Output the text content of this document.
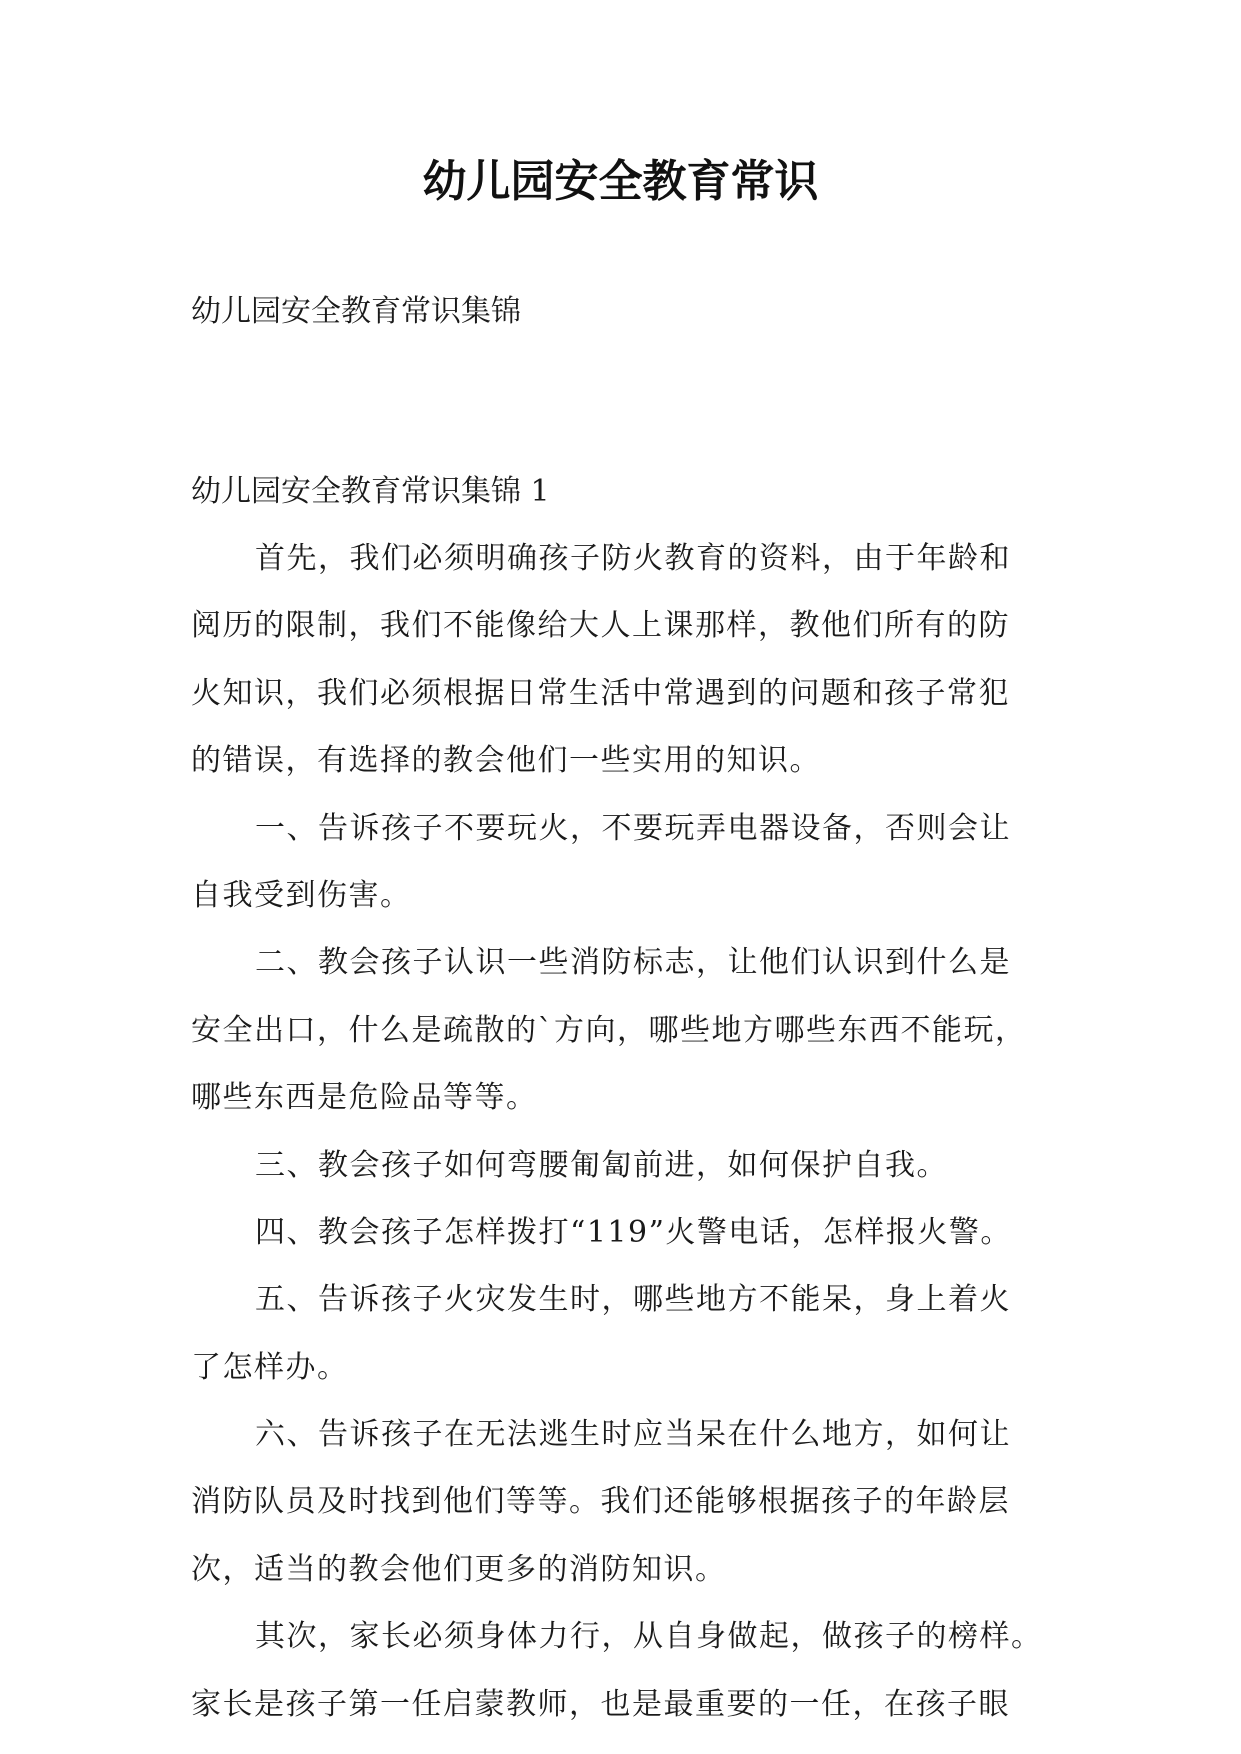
幼儿园安全教育常识
幼儿园安全教育常识集锦
幼儿园安全教育常识集锦 1
首先，我们必须明确孩子防火教育的资料，由于年龄和
阅历的限制，我们不能像给大人上课那样，教他们所有的防
火知识，我们必须根据日常生活中常遇到的问题和孩子常犯
的错误，有选择的教会他们一些实用的知识。
一、告诉孩子不要玩火，不要玩弄电器设备，否则会让
自我受到伤害。
二、教会孩子认识一些消防标志，让他们认识到什么是
安全出口，什么是疏散的`方向，哪些地方哪些东西不能玩，
哪些东西是危险品等等。
三、教会孩子如何弯腰匍匐前进，如何保护自我。
四、教会孩子怎样拨打“119”火警电话，怎样报火警。
五、告诉孩子火灾发生时，哪些地方不能呆，身上着火
了怎样办。
六、告诉孩子在无法逃生时应当呆在什么地方，如何让
消防队员及时找到他们等等。我们还能够根据孩子的年龄层
次，适当的教会他们更多的消防知识。
其次，家长必须身体力行，从自身做起，做孩子的榜样。
家长是孩子第一任启蒙教师，也是最重要的一任，在孩子眼
